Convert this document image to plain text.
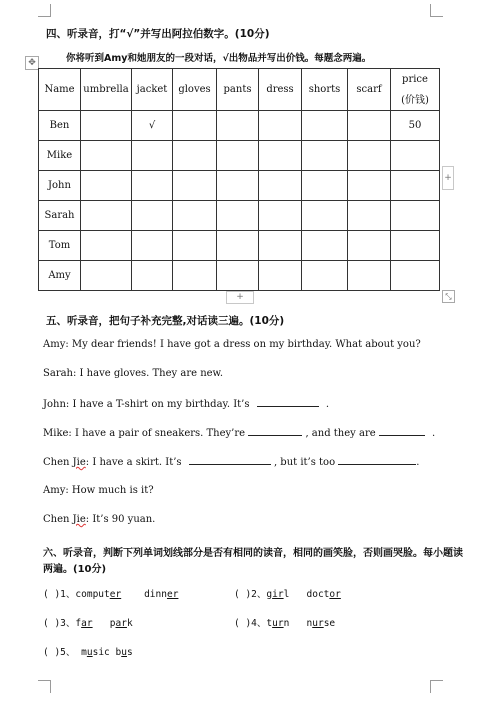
四、听录音，打“√”并写出阿拉伯数字。(10分)
你将听到Amy和她朋友的一段对话，√出物品并写出价钱。每题念两遍。
✥
Name	umbrella	jacket	gloves	pants	dress	shorts	scarf	price
(价钱)

Ben		√						50
Mike								
John								
Sarah								
Tom								
Amy								
+
+	⤡
五、听录音，把句子补充完整,对话读三遍。(10分)
Amy: My dear friends! I have got a dress on my birthday. What about you?
Sarah: I have gloves. They are new.
John: I have a T-shirt on my birthday. It’s	.
Mike: I have a pair of sneakers. They’re	, and they are	.
Chen Jie: I have a skirt. It’s	, but it’s too	.
Amy: How much is it?
Chen Jie: It’s 90 yuan.
六、听录音，判断下列单词划线部分是否有相同的读音，相同的画笑脸，否则画哭脸。每小题读两遍。(10分)
( )1、computer dinner	( )2、girl doctor
( )3、far park	( )4、turn nurse
( )5、 music bus
